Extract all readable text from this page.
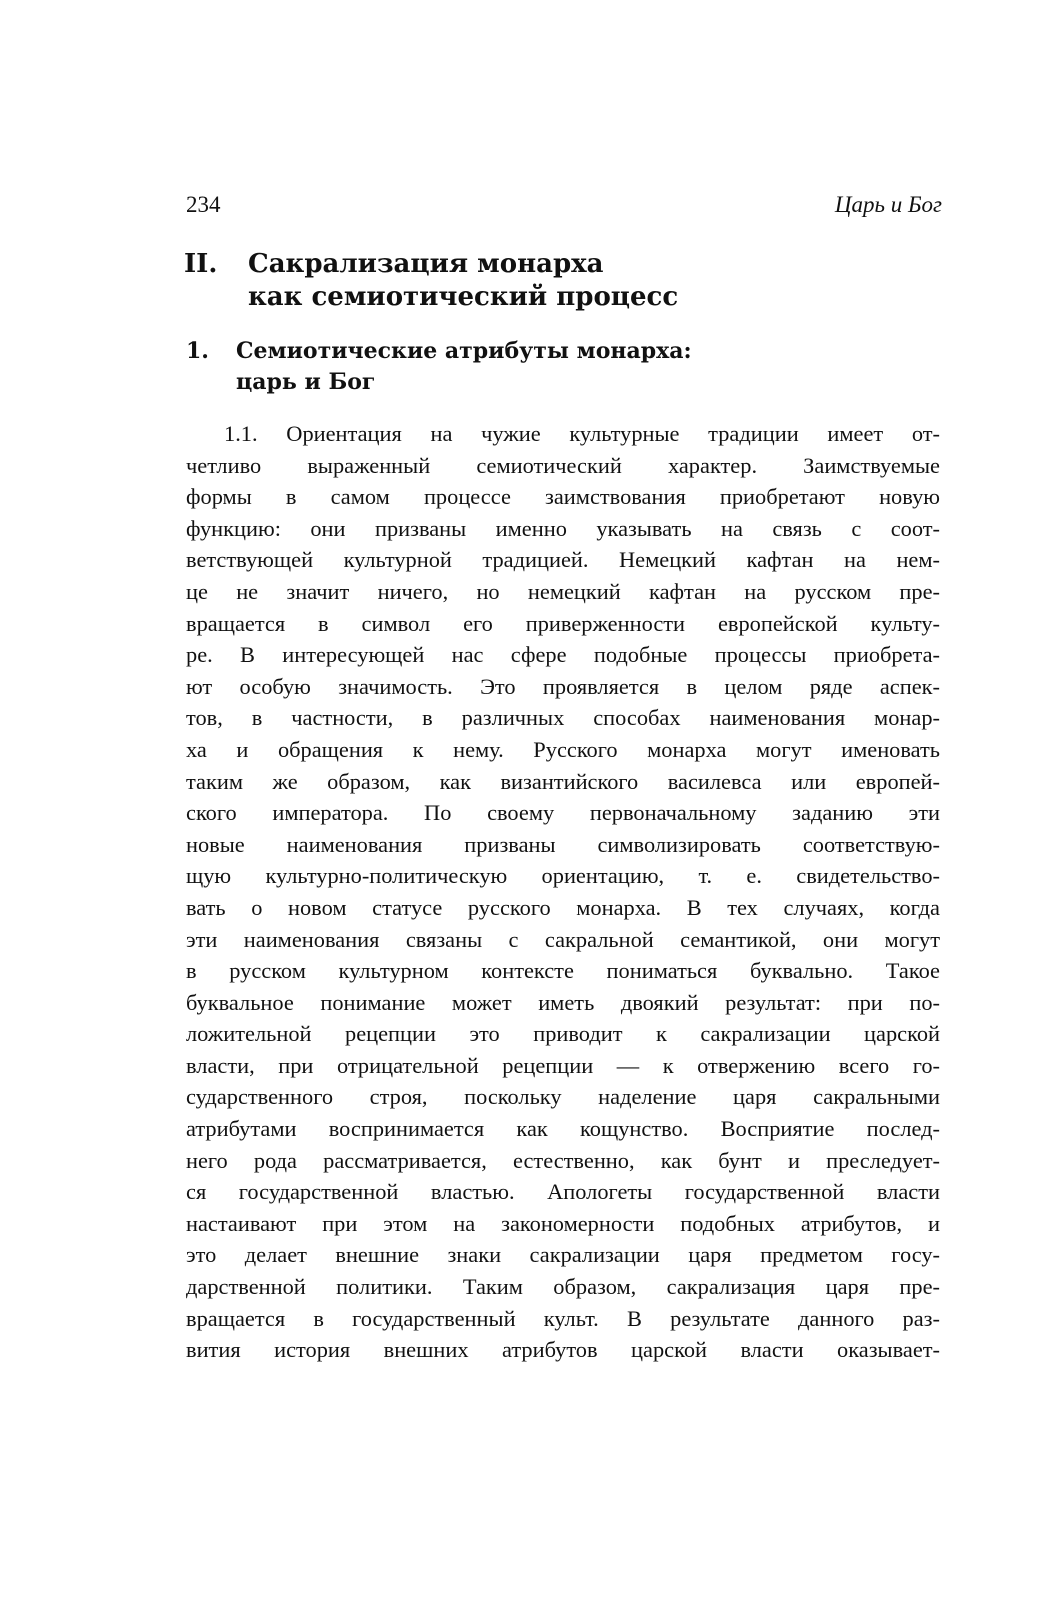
234	Царь и Бог
II. Сакрализация монарха
как семиотический процесс
1. Семиотические атрибуты монарха:
царь и Бог
1.1. Ориентация на чужие культурные традиции имеет от-
четливо выраженный семиотический характер. Заимствуемые
формы в самом процессе заимствования приобретают новую
функцию: они призваны именно указывать на связь с соот-
ветствующей культурной традицией. Немецкий кафтан на нем-
це не значит ничего, но немецкий кафтан на русском пре-
вращается в символ его приверженности европейской культу-
ре. В интересующей нас сфере подобные процессы приобрета-
ют особую значимость. Это проявляется в целом ряде аспек-
тов, в частности, в различных способах наименования монар-
ха и обращения к нему. Русского монарха могут именовать
таким же образом, как византийского василевса или европей-
ского императора. По своему первоначальному заданию эти
новые наименования призваны символизировать соответствую-
щую культурно-политическую ориентацию, т. е. свидетельство-
вать о новом статусе русского монарха. В тех случаях, когда
эти наименования связаны с сакральной семантикой, они могут
в русском культурном контексте пониматься буквально. Такое
буквальное понимание может иметь двоякий результат: при по-
ложительной рецепции это приводит к сакрализации царской
власти, при отрицательной рецепции — к отвержению всего го-
сударственного строя, поскольку наделение царя сакральными
атрибутами воспринимается как кощунство. Восприятие послед-
него рода рассматривается, естественно, как бунт и преследует-
ся государственной властью. Апологеты государственной власти
настаивают при этом на закономерности подобных атрибутов, и
это делает внешние знаки сакрализации царя предметом госу-
дарственной политики. Таким образом, сакрализация царя пре-
вращается в государственный культ. В результате данного раз-
вития история внешних атрибутов царской власти оказывает-
